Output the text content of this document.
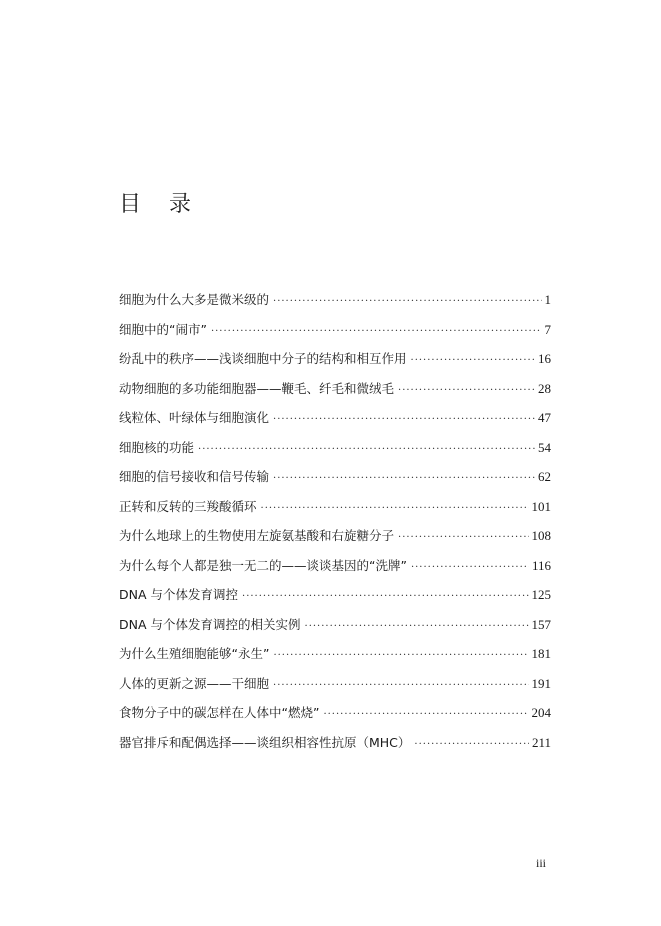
目    录
细胞为什么大多是微米级的 ·····	1
细胞中的“闹市” ·····	7
纷乱中的秩序——浅谈细胞中分子的结构和相互作用 ·····	16
动物细胞的多功能细胞器——鞭毛、纤毛和微绒毛 ·····	28
线粒体、叶绿体与细胞演化 ·····	47
细胞核的功能 ·····	54
细胞的信号接收和信号传输 ·····	62
正转和反转的三羧酸循环 ·····	101
为什么地球上的生物使用左旋氨基酸和右旋糖分子 ·····	108
为什么每个人都是独一无二的——谈谈基因的“洗牌” ·····	116
DNA 与个体发育调控 ·····	125
DNA 与个体发育调控的相关实例 ·····	157
为什么生殖细胞能够“永生” ·····	181
人体的更新之源——干细胞 ·····	191
食物分子中的碳怎样在人体中“燃烧” ·····	204
器官排斥和配偶选择——谈组织相容性抗原（MHC） ·····	211
iii
